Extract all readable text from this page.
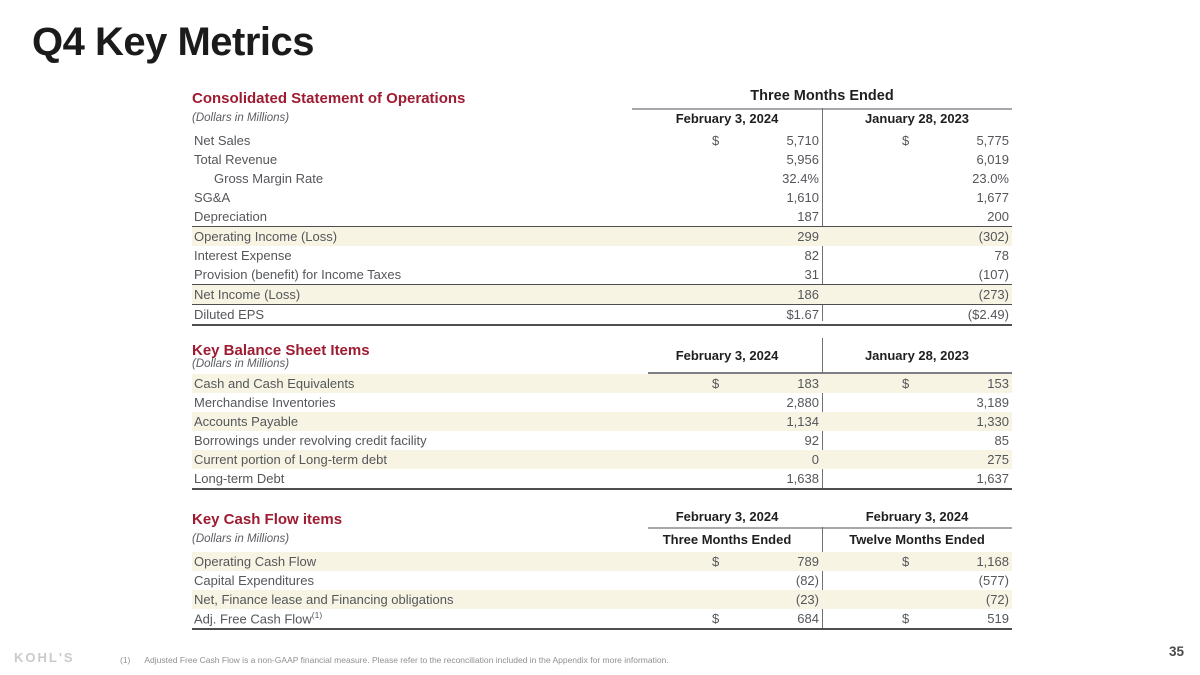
Q4 Key Metrics
Consolidated Statement of Operations	Three Months Ended
(Dollars in Millions)	February 3, 2024	January 28, 2023
Net Sales	$	5,710	$	5,775
Total Revenue	5,956	6,019
Gross Margin Rate	32.4%	23.0%
SG&A	1,610	1,677
Depreciation	187	200
Operating Income (Loss)	299	(302)
Interest Expense	82	78
Provision (benefit) for Income Taxes	31	(107)
Net Income (Loss)	186	(273)
Diluted EPS	$1.67	($2.49)
Key Balance Sheet Items
(Dollars in Millions)
February 3, 2024	January 28, 2023
Cash and Cash Equivalents	$	183	$	153
Merchandise Inventories	2,880	3,189
Accounts Payable	1,134	1,330
Borrowings under revolving credit facility	92	85
Current portion of Long-term debt	0	275
Long-term Debt	1,638	1,637
Key Cash Flow items	February 3, 2024	February 3, 2024
(Dollars in Millions)	Three Months Ended	Twelve Months Ended
Operating Cash Flow	$	789	$	1,168
Capital Expenditures	(82)	(577)
Net, Finance lease and Financing obligations	(23)	(72)
Adj. Free Cash Flow$^{(1)}$	$	684	$	519
KOHL'S	(1) Adjusted Free Cash Flow is a non-GAAP financial measure. Please refer to the reconciliation included in the Appendix for more information.
35
